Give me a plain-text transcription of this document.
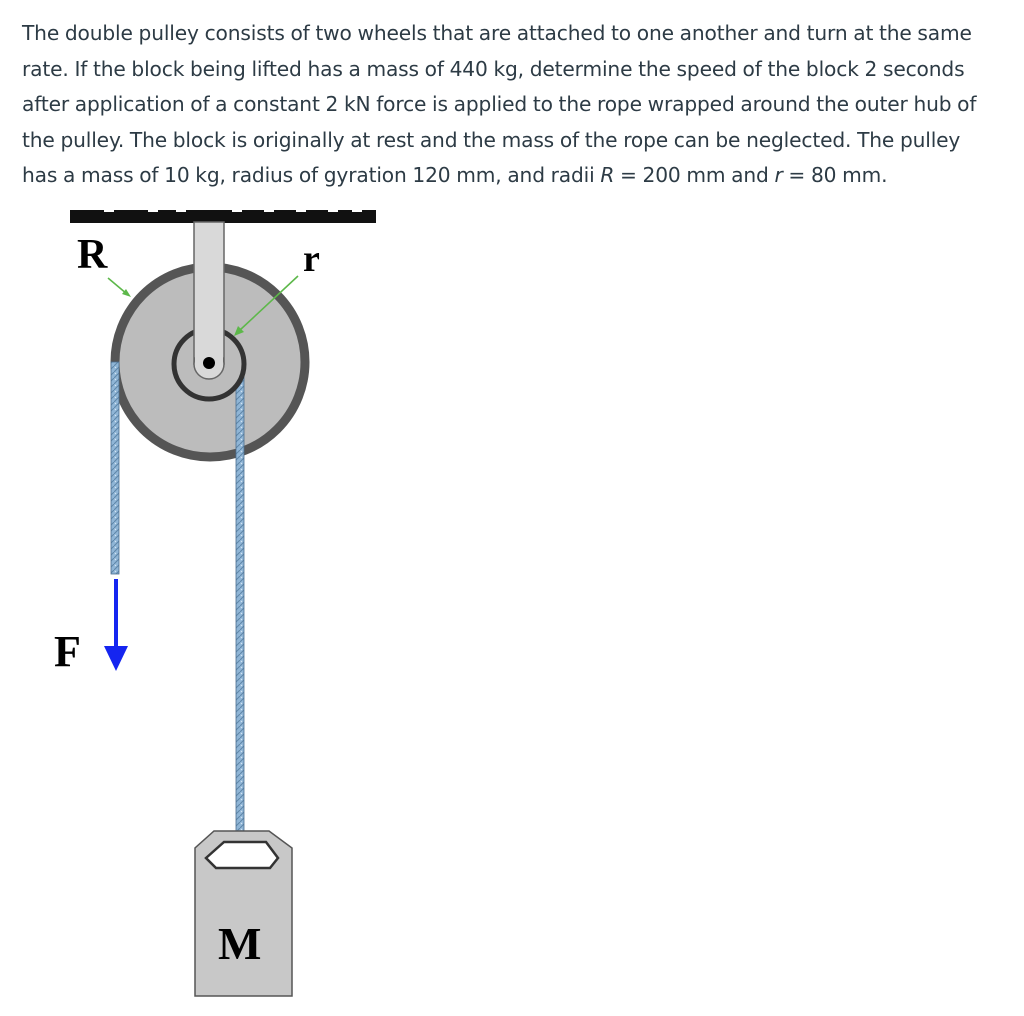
The double pulley consists of two wheels that are attached to one another and turn at the same
rate. If the block being lifted has a mass of 440 kg, determine the speed of the block 2 seconds
after application of a constant 2 kN force is applied to the rope wrapped around the outer hub of
the pulley. The block is originally at rest and the mass of the rope can be neglected. The pulley
has a mass of 10 kg, radius of gyration 120 mm, and radii R = 200 mm and r = 80 mm.
R	r
F
M
